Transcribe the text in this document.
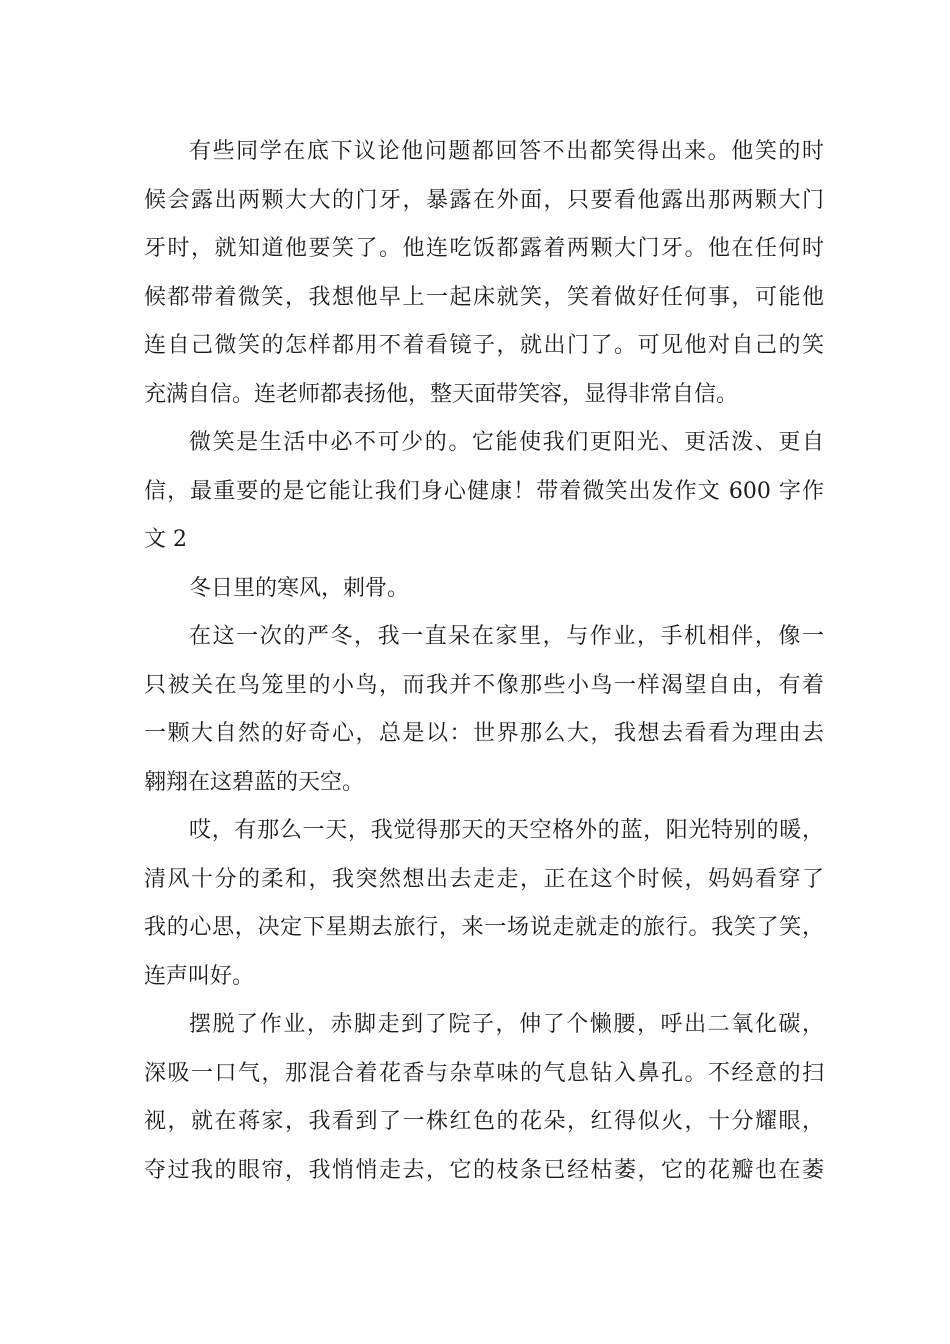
有些同学在底下议论他问题都回答不出都笑得出来。他笑的时
候会露出两颗大大的门牙，暴露在外面，只要看他露出那两颗大门
牙时，就知道他要笑了。他连吃饭都露着两颗大门牙。他在任何时
候都带着微笑，我想他早上一起床就笑，笑着做好任何事，可能他
连自己微笑的怎样都用不着看镜子，就出门了。可见他对自己的笑
充满自信。连老师都表扬他，整天面带笑容，显得非常自信。
微笑是生活中必不可少的。它能使我们更阳光、更活泼、更自
信，最重要的是它能让我们身心健康！带着微笑出发作文 600 字作
文 2
冬日里的寒风，刺骨。
在这一次的严冬，我一直呆在家里，与作业，手机相伴，像一
只被关在鸟笼里的小鸟，而我并不像那些小鸟一样渴望自由，有着
一颗大自然的好奇心，总是以：世界那么大，我想去看看为理由去
翱翔在这碧蓝的天空。
哎，有那么一天，我觉得那天的天空格外的蓝，阳光特别的暖，
清风十分的柔和，我突然想出去走走，正在这个时候，妈妈看穿了
我的心思，决定下星期去旅行，来一场说走就走的旅行。我笑了笑，
连声叫好。
摆脱了作业，赤脚走到了院子，伸了个懒腰，呼出二氧化碳，
深吸一口气，那混合着花香与杂草味的气息钻入鼻孔。不经意的扫
视，就在蒋家，我看到了一株红色的花朵，红得似火，十分耀眼，
夺过我的眼帘，我悄悄走去，它的枝条已经枯萎，它的花瓣也在萎
